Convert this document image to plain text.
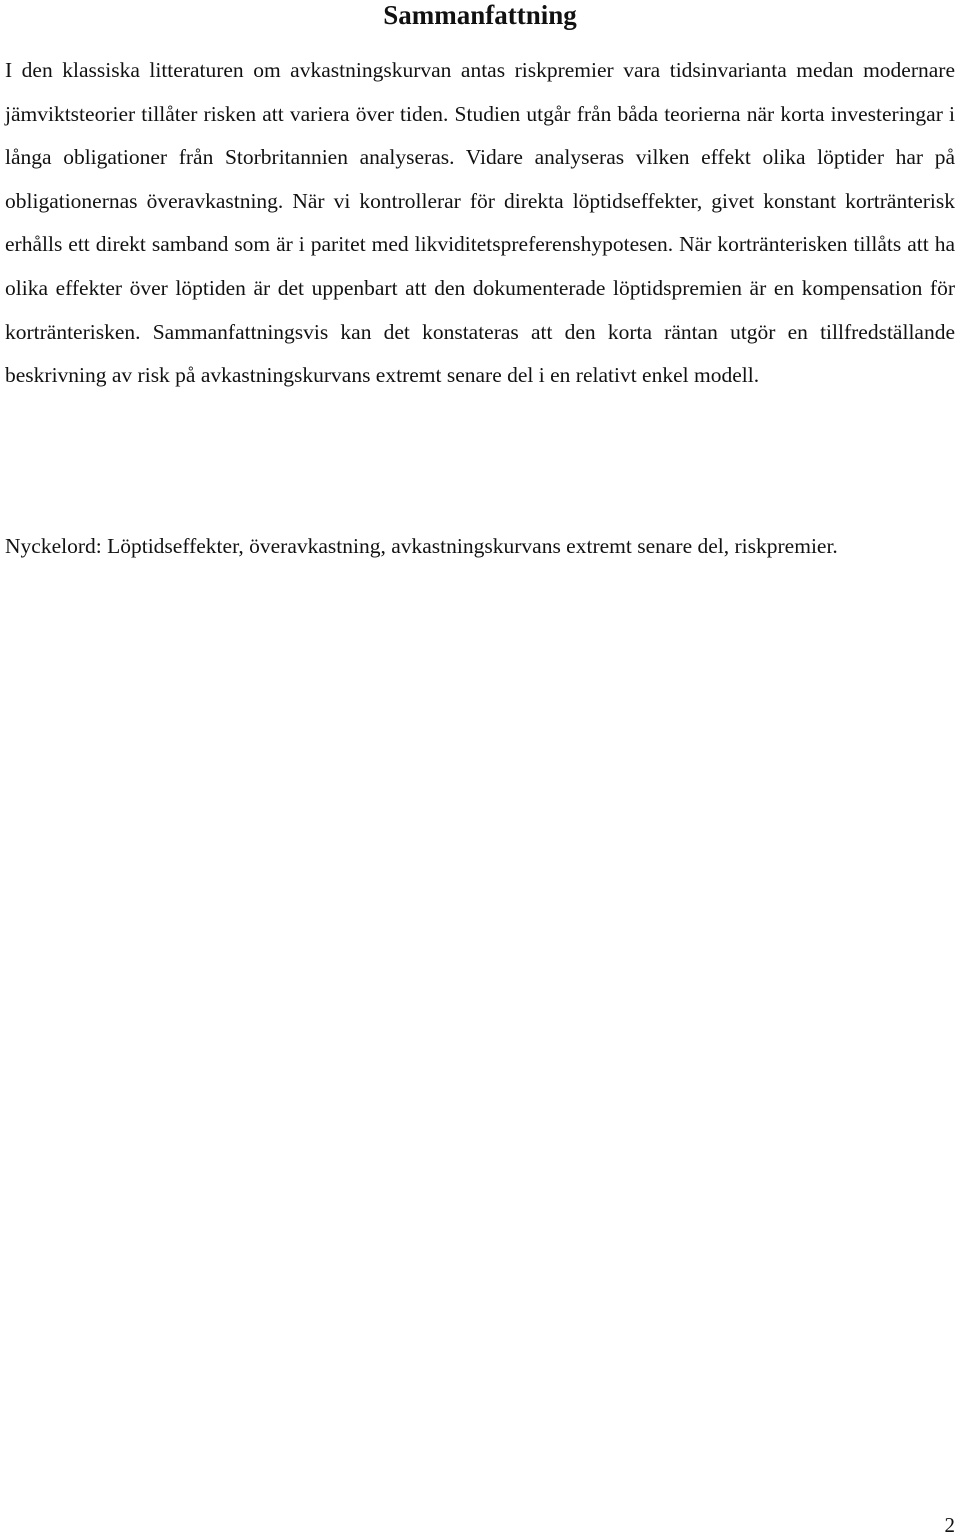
Sammanfattning

I den klassiska litteraturen om avkastningskurvan antas riskpremier vara tidsinvarianta medan modernare jämviktsteorier tillåter risken att variera över tiden. Studien utgår från båda teorierna när korta investeringar i långa obligationer från Storbritannien analyseras. Vidare analyseras vilken effekt olika löptider har på obligationernas överavkastning. När vi kontrollerar för direkta löptidseffekter, givet konstant kortränterisk erhålls ett direkt samband som är i paritet med likviditetspreferenshypotesen. När kortränterisken tillåts att ha olika effekter över löptiden är det uppenbart att den dokumenterade löptidspremien är en kompensation för kortränterisken. Sammanfattningsvis kan det konstateras att den korta räntan utgör en tillfredställande beskrivning av risk på avkastningskurvans extremt senare del i en relativt enkel modell.

Nyckelord: Löptidseffekter, överavkastning, avkastningskurvans extremt senare del, riskpremier.

2
